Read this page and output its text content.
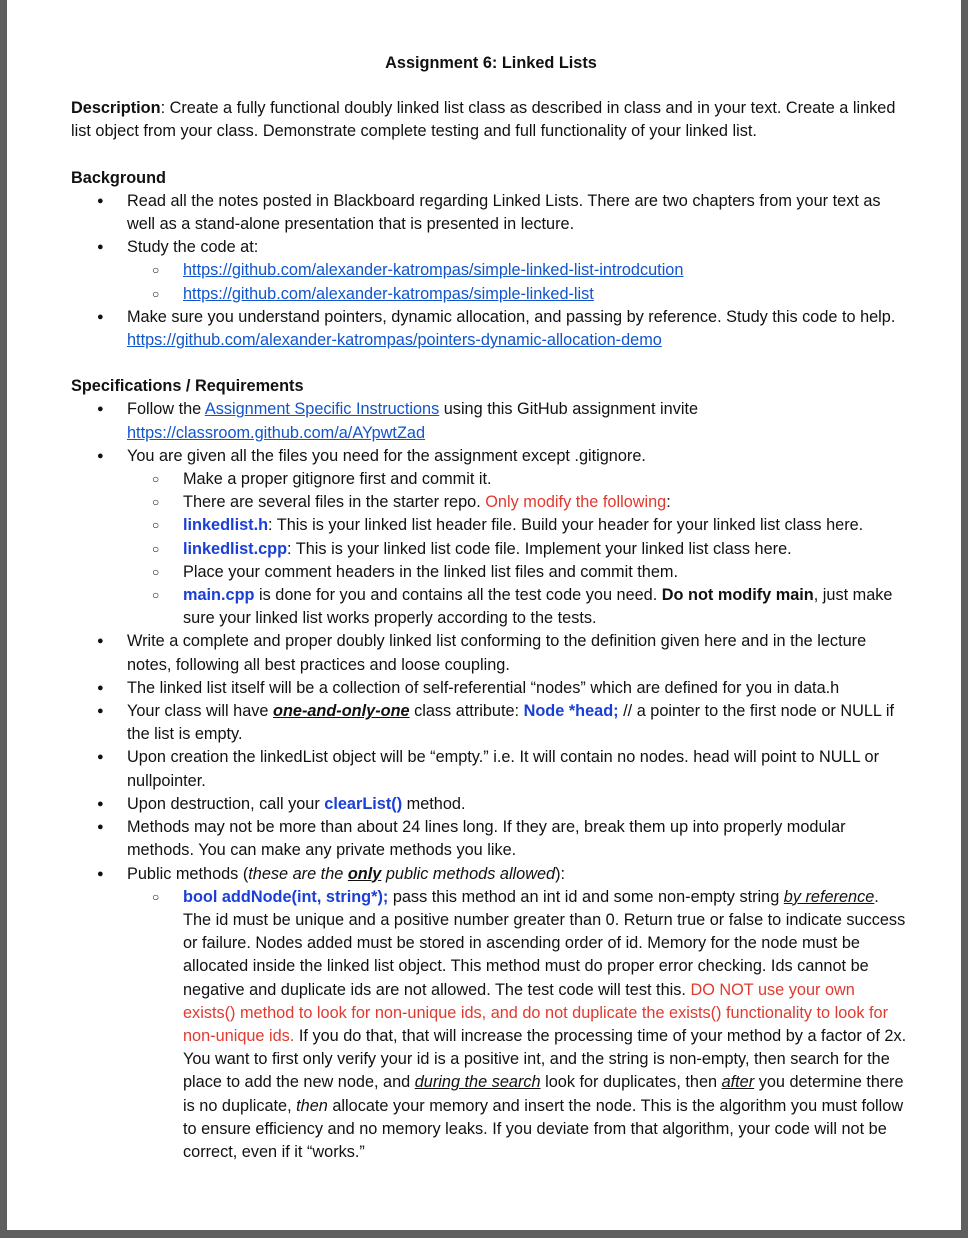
Assignment 6: Linked Lists

Description: Create a fully functional doubly linked list class as described in class and in your text. Create a linked list object from your class. Demonstrate complete testing and full functionality of your linked list.

Background

● Read all the notes posted in Blackboard regarding Linked Lists. There are two chapters from your text as well as a stand-alone presentation that is presented in lecture.
● Study the code at:
○ https://github.com/alexander-katrompas/simple-linked-list-introdcution
○ https://github.com/alexander-katrompas/simple-linked-list
● Make sure you understand pointers, dynamic allocation, and passing by reference. Study this code to help.  https://github.com/alexander-katrompas/pointers-dynamic-allocation-demo

Specifications / Requirements

● Follow the Assignment Specific Instructions using this GitHub assignment invite
https://classroom.github.com/a/AYpwtZad
● You are given all the files you need for the assignment except .gitignore.
○ Make a proper gitignore first and commit it.
○ There are several files in the starter repo. Only modify the following:
○ linkedlist.h: This is your linked list header file. Build your header for your linked list class here.
○ linkedlist.cpp: This is your linked list code file. Implement your linked list class here.
○ Place your comment headers in the linked list files and commit them.
○ main.cpp is done for you and contains all the test code you need. Do not modify main, just make sure your linked list works properly according to the tests.
● Write a complete and proper doubly linked list conforming to the definition given here and in the lecture notes, following all best practices and loose coupling.
● The linked list itself will be a collection of self-referential “nodes” which are defined for you in data.h
● Your class will have one-and-only-one class attribute: Node *head; // a pointer to the first node or NULL if the list is empty.
● Upon creation the linkedList object will be “empty.” i.e. It will contain no nodes. head will point to NULL or nullpointer.
● Upon destruction, call your clearList() method.
● Methods may not be more than about 24 lines long. If they are, break them up into properly modular methods. You can make any private methods you like.
● Public methods (these are the only public methods allowed):
○ bool addNode(int, string*); pass this method an int id and some non-empty string by reference. The id must be unique and a positive number greater than 0. Return true or false to indicate success or failure. Nodes added must be stored in ascending order of id. Memory for the node must be allocated inside the linked list object. This method must do proper error checking. Ids cannot be negative and duplicate ids are not allowed. The test code will test this. DO NOT use your own exists() method to look for non-unique ids, and do not duplicate the exists() functionality to look for non-unique ids. If you do that, that will increase the processing time of your method by a factor of 2x. You want to first only verify your id is a positive int, and the string is non-empty, then search for the place to add the new node, and during the search look for duplicates, then after you determine there is no duplicate, then allocate your memory and insert the node. This is the algorithm you must follow to ensure efficiency and no memory leaks. If you deviate from that algorithm, your code will not be correct, even if it “works.”
